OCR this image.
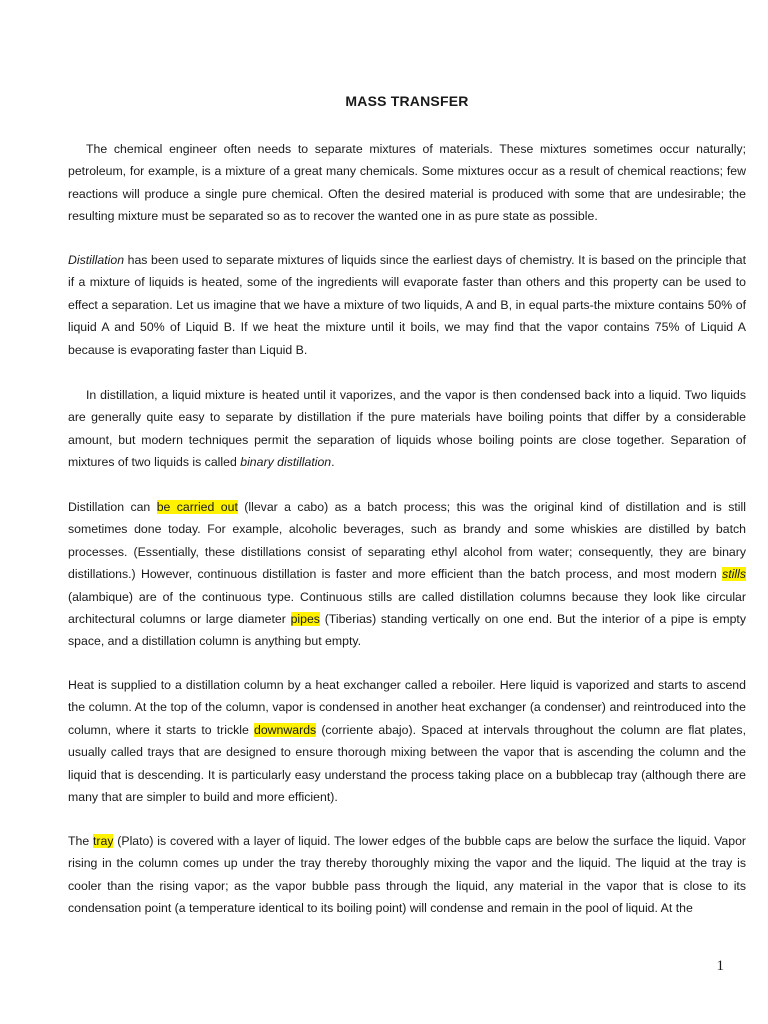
MASS TRANSFER

The chemical engineer often needs to separate mixtures of materials. These mixtures sometimes occur naturally; petroleum, for example, is a mixture of a great many chemicals. Some mixtures occur as a result of chemical reactions; few reactions will produce a single pure chemical. Often the desired material is produced with some that are undesirable; the resulting mixture must be separated so as to recover the wanted one in as pure state as possible.

Distillation has been used to separate mixtures of liquids since the earliest days of chemistry. It is based on the principle that if a mixture of liquids is heated, some of the ingredients will evaporate faster than others and this property can be used to effect a separation. Let us imagine that we have a mixture of two liquids, A and B, in equal parts-the mixture contains 50% of liquid A and 50% of Liquid B. If we heat the mixture until it boils, we may find that the vapor contains 75% of Liquid A because is evaporating faster than Liquid B.

In distillation, a liquid mixture is heated until it vaporizes, and the vapor is then condensed back into a liquid. Two liquids are generally quite easy to separate by distillation if the pure materials have boiling points that differ by a considerable amount, but modern techniques permit the separation of liquids whose boiling points are close together. Separation of mixtures of two liquids is called binary distillation.

Distillation can be carried out (llevar a cabo) as a batch process; this was the original kind of distillation and is still sometimes done today. For example, alcoholic beverages, such as brandy and some whiskies are distilled by batch processes. (Essentially, these distillations consist of separating ethyl alcohol from water; consequently, they are binary distillations.) However, continuous distillation is faster and more efficient than the batch process, and most modern stills (alambique) are of the continuous type. Continuous stills are called distillation columns because they look like circular architectural columns or large diameter pipes (Tiberias) standing vertically on one end. But the interior of a pipe is empty space, and a distillation column is anything but empty.

Heat is supplied to a distillation column by a heat exchanger called a reboiler. Here liquid is vaporized and starts to ascend the column. At the top of the column, vapor is condensed in another heat exchanger (a condenser) and reintroduced into the column, where it starts to trickle downwards (corriente abajo). Spaced at intervals throughout the column are flat plates, usually called trays that are designed to ensure thorough mixing between the vapor that is ascending the column and the liquid that is descending. It is particularly easy understand the process taking place on a bubblecap tray (although there are many that are simpler to build and more efficient).

The tray (Plato) is covered with a layer of liquid. The lower edges of the bubble caps are below the surface the liquid. Vapor rising in the column comes up under the tray thereby thoroughly mixing the vapor and the liquid. The liquid at the tray is cooler than the rising vapor; as the vapor bubble pass through the liquid, any material in the vapor that is close to its condensation point (a temperature identical to its boiling point) will condense and remain in the pool of liquid. At the

1
